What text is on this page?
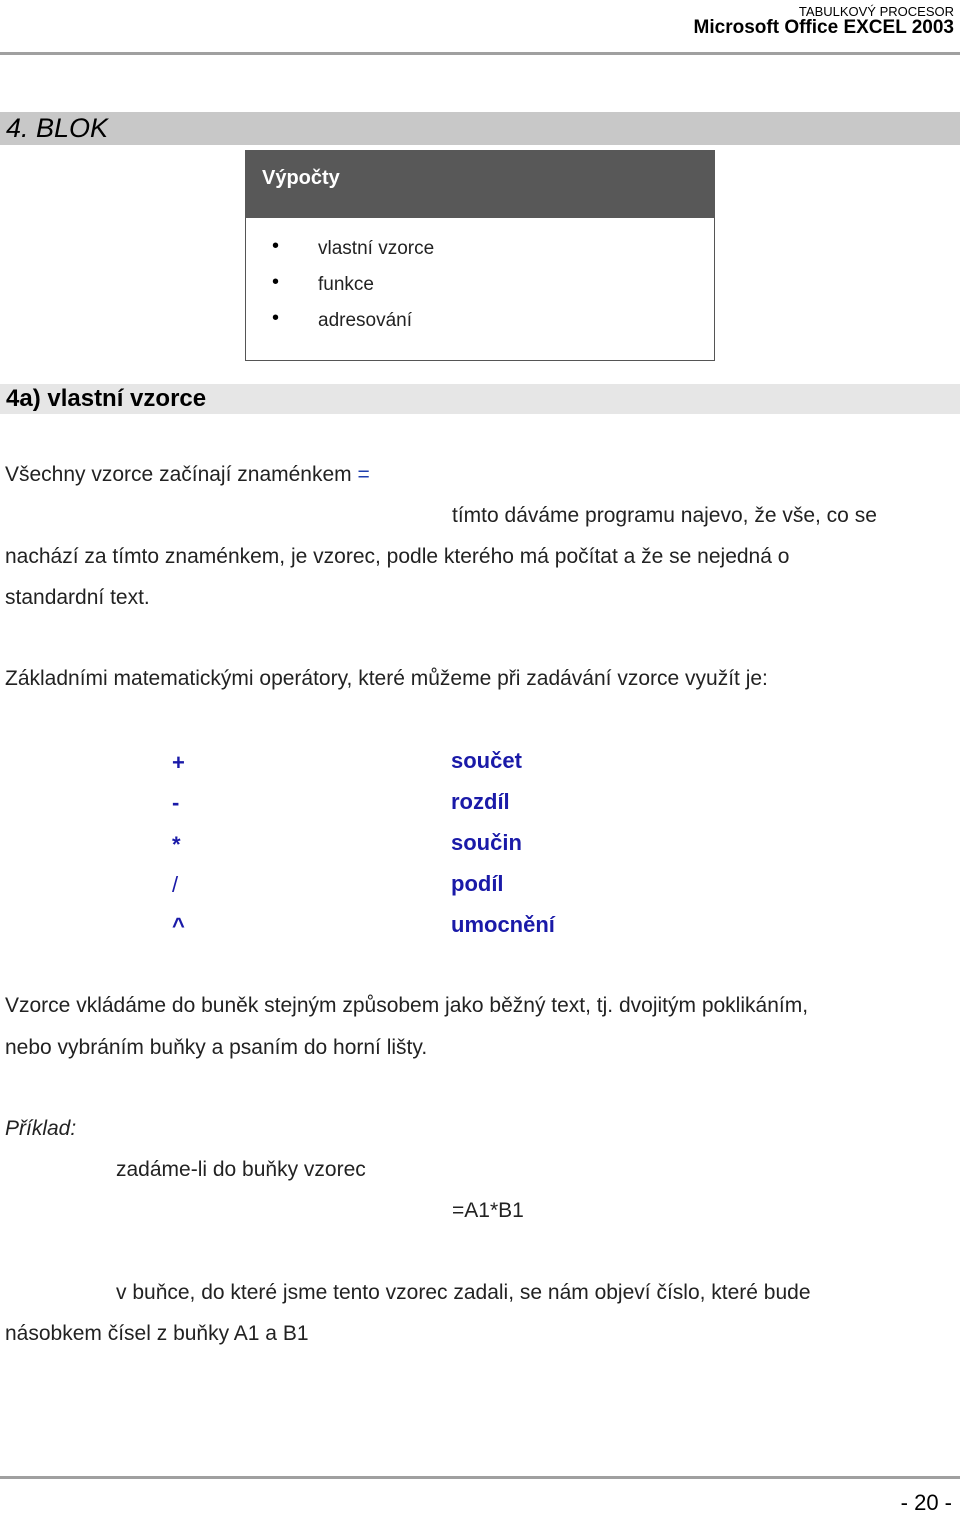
TABULKOVÝ PROCESOR
Microsoft Office EXCEL 2003
4. BLOK
Výpočty
• vlastní vzorce
• funkce
• adresování
4a) vlastní vzorce
Všechny vzorce začínají znaménkem =
tímto dáváme programu najevo, že vše, co se
nachází za tímto znaménkem, je vzorec, podle kterého má počítat a že se nejedná o
standardní text.
Základními matematickými operátory, které můžeme při zadávání vzorce využít je:
+	součet
-	rozdíl
*	součin
/	podíl
^	umocnění
Vzorce vkládáme do buněk stejným způsobem jako běžný text, tj. dvojitým poklikáním,
nebo vybráním buňky a psaním do horní lišty.
Příklad:
zadáme-li do buňky vzorec
=A1*B1
v buňce, do které jsme tento vzorec zadali, se nám objeví číslo, které bude
násobkem čísel z buňky A1 a B1
- 20 -
